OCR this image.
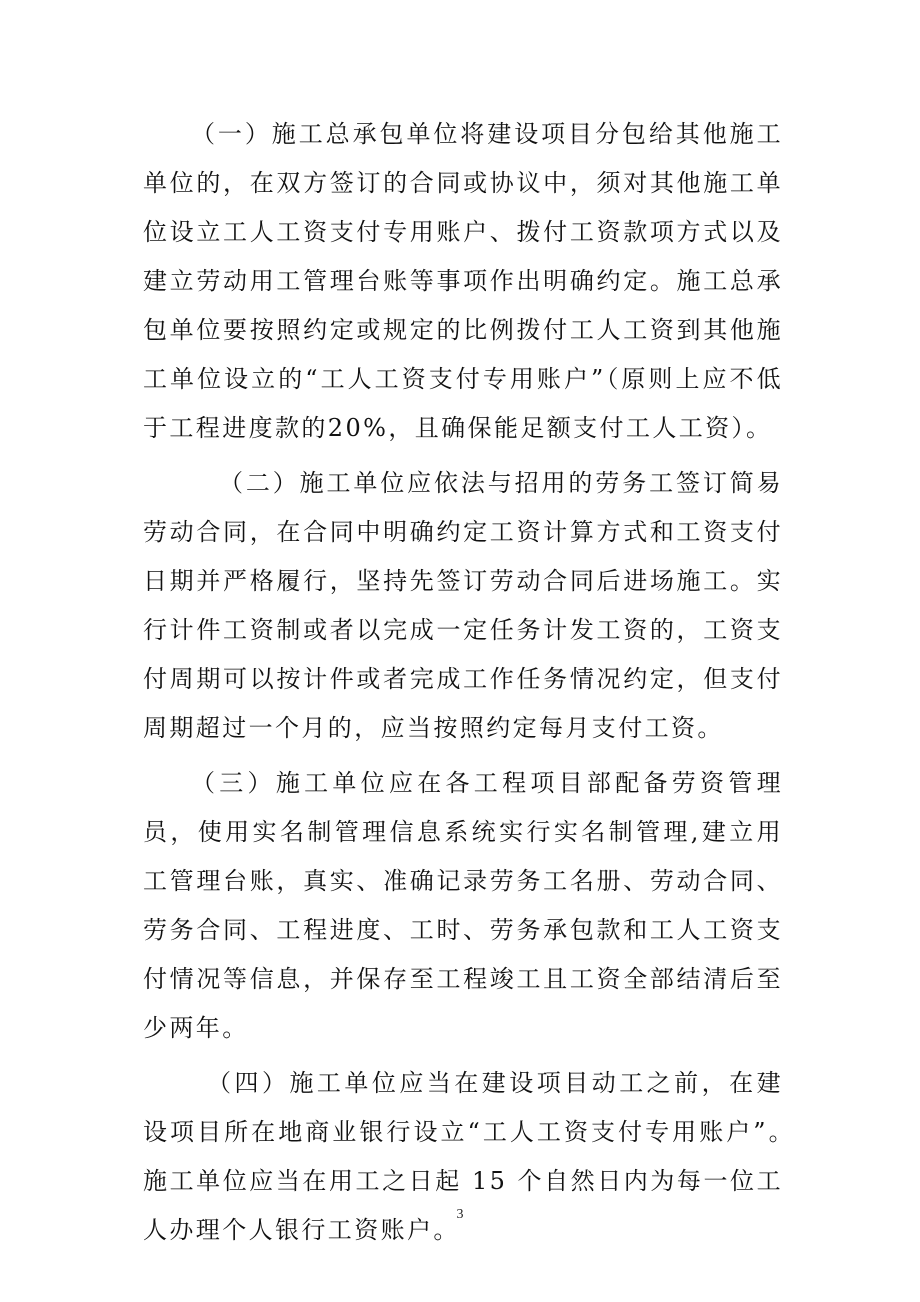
（一）施工总承包单位将建设项目分包给其他施工单位的，在双方签订的合同或协议中，须对其他施工单位设立工人工资支付专用账户、拨付工资款项方式以及建立劳动用工管理台账等事项作出明确约定。施工总承包单位要按照约定或规定的比例拨付工人工资到其他施工单位设立的“工人工资支付专用账户”（原则上应不低于工程进度款的20%，且确保能足额支付工人工资）。

（二）施工单位应依法与招用的劳务工签订简易劳动合同，在合同中明确约定工资计算方式和工资支付日期并严格履行，坚持先签订劳动合同后进场施工。实行计件工资制或者以完成一定任务计发工资的，工资支付周期可以按计件或者完成工作任务情况约定，但支付周期超过一个月的，应当按照约定每月支付工资。

（三）施工单位应在各工程项目部配备劳资管理员，使用实名制管理信息系统实行实名制管理,建立用工管理台账，真实、准确记录劳务工名册、劳动合同、劳务合同、工程进度、工时、劳务承包款和工人工资支付情况等信息，并保存至工程竣工且工资全部结清后至少两年。

（四）施工单位应当在建设项目动工之前，在建设项目所在地商业银行设立“工人工资支付专用账户”。　施工单位应当在用工之日起 15 个自然日内为每一位工人办理个人银行工资账户。

3
